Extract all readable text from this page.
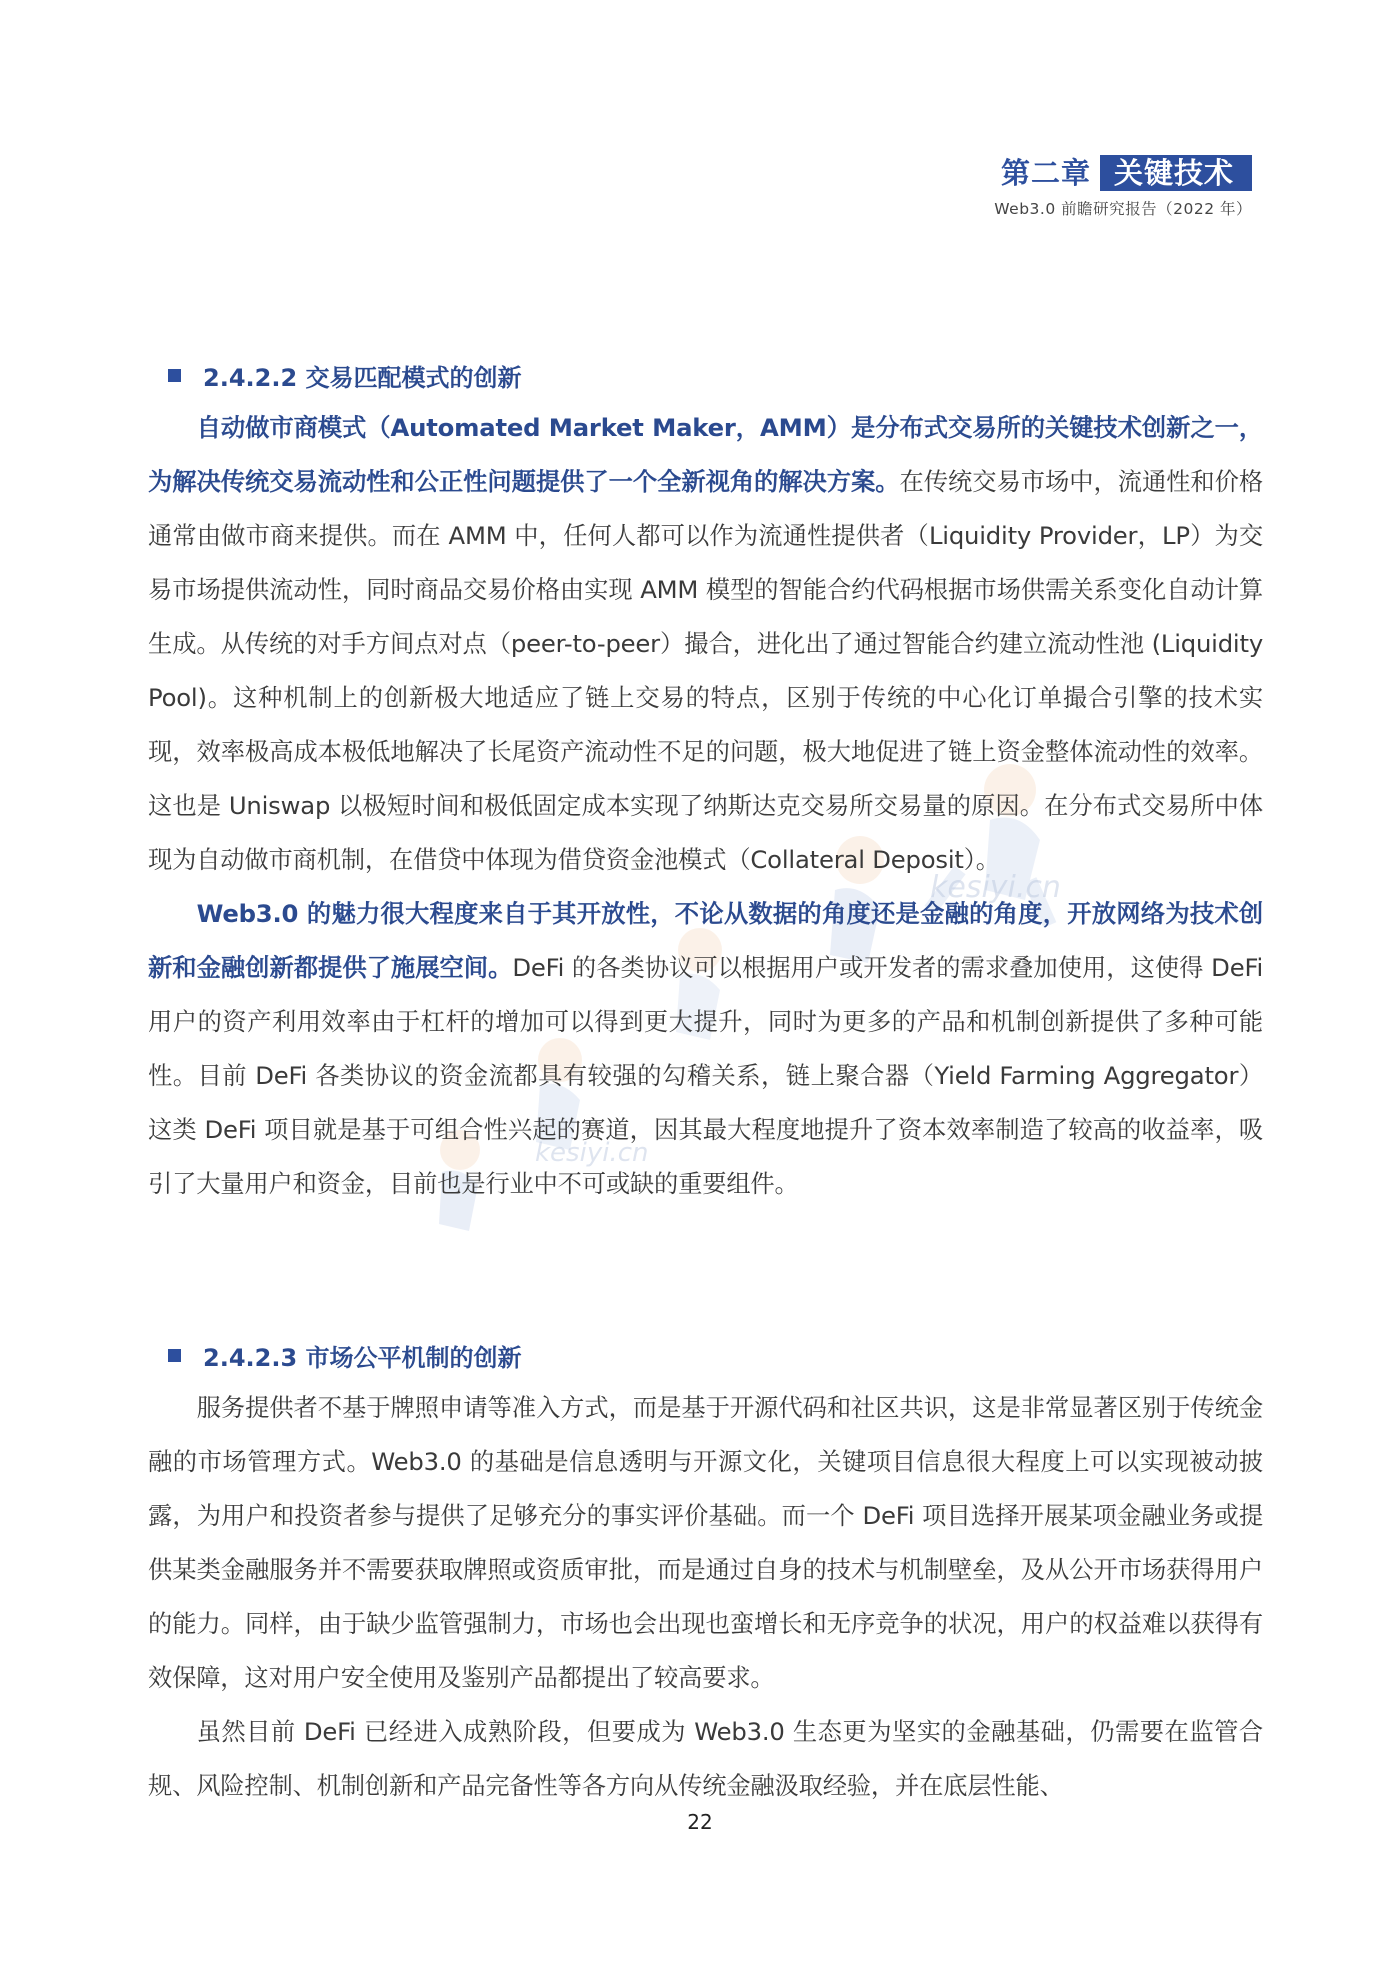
kesiyi.cn
kesiyi.cn
第二章 关键技术
Web3.0 前瞻研究报告（2022 年）
2.4.2.2 交易匹配模式的创新

自动做市商模式（Automated Market Maker，AMM）是分布式交易所的关键技术创新之一，为解决传统交易流动性和公正性问题提供了一个全新视角的解决方案。在传统交易市场中，流通性和价格通常由做市商来提供。而在 AMM 中，任何人都可以作为流通性提供者（Liquidity Provider，LP）为交易市场提供流动性，同时商品交易价格由实现 AMM 模型的智能合约代码根据市场供需关系变化自动计算生成。从传统的对手方间点对点（peer-to-peer）撮合，进化出了通过智能合约建立流动性池 (Liquidity Pool)。这种机制上的创新极大地适应了链上交易的特点，区别于传统的中心化订单撮合引擎的技术实现，效率极高成本极低地解决了长尾资产流动性不足的问题，极大地促进了链上资金整体流动性的效率。这也是 Uniswap 以极短时间和极低固定成本实现了纳斯达克交易所交易量的原因。在分布式交易所中体现为自动做市商机制，在借贷中体现为借贷资金池模式（Collateral Deposit）。

Web3.0 的魅力很大程度来自于其开放性，不论从数据的角度还是金融的角度，开放网络为技术创新和金融创新都提供了施展空间。DeFi 的各类协议可以根据用户或开发者的需求叠加使用，这使得 DeFi 用户的资产利用效率由于杠杆的增加可以得到更大提升，同时为更多的产品和机制创新提供了多种可能性。目前 DeFi 各类协议的资金流都具有较强的勾稽关系，链上聚合器（Yield Farming Aggregator）这类 DeFi 项目就是基于可组合性兴起的赛道，因其最大程度地提升了资本效率制造了较高的收益率，吸引了大量用户和资金，目前也是行业中不可或缺的重要组件。

2.4.2.3 市场公平机制的创新

服务提供者不基于牌照申请等准入方式，而是基于开源代码和社区共识，这是非常显著区别于传统金融的市场管理方式。Web3.0 的基础是信息透明与开源文化，关键项目信息很大程度上可以实现被动披露，为用户和投资者参与提供了足够充分的事实评价基础。而一个 DeFi 项目选择开展某项金融业务或提供某类金融服务并不需要获取牌照或资质审批，而是通过自身的技术与机制壁垒，及从公开市场获得用户的能力。同样，由于缺少监管强制力，市场也会出现也蛮增长和无序竞争的状况，用户的权益难以获得有效保障，这对用户安全使用及鉴别产品都提出了较高要求。

虽然目前 DeFi 已经进入成熟阶段，但要成为 Web3.0 生态更为坚实的金融基础，仍需要在监管合规、风险控制、机制创新和产品完备性等各方向从传统金融汲取经验，并在底层性能、

22
